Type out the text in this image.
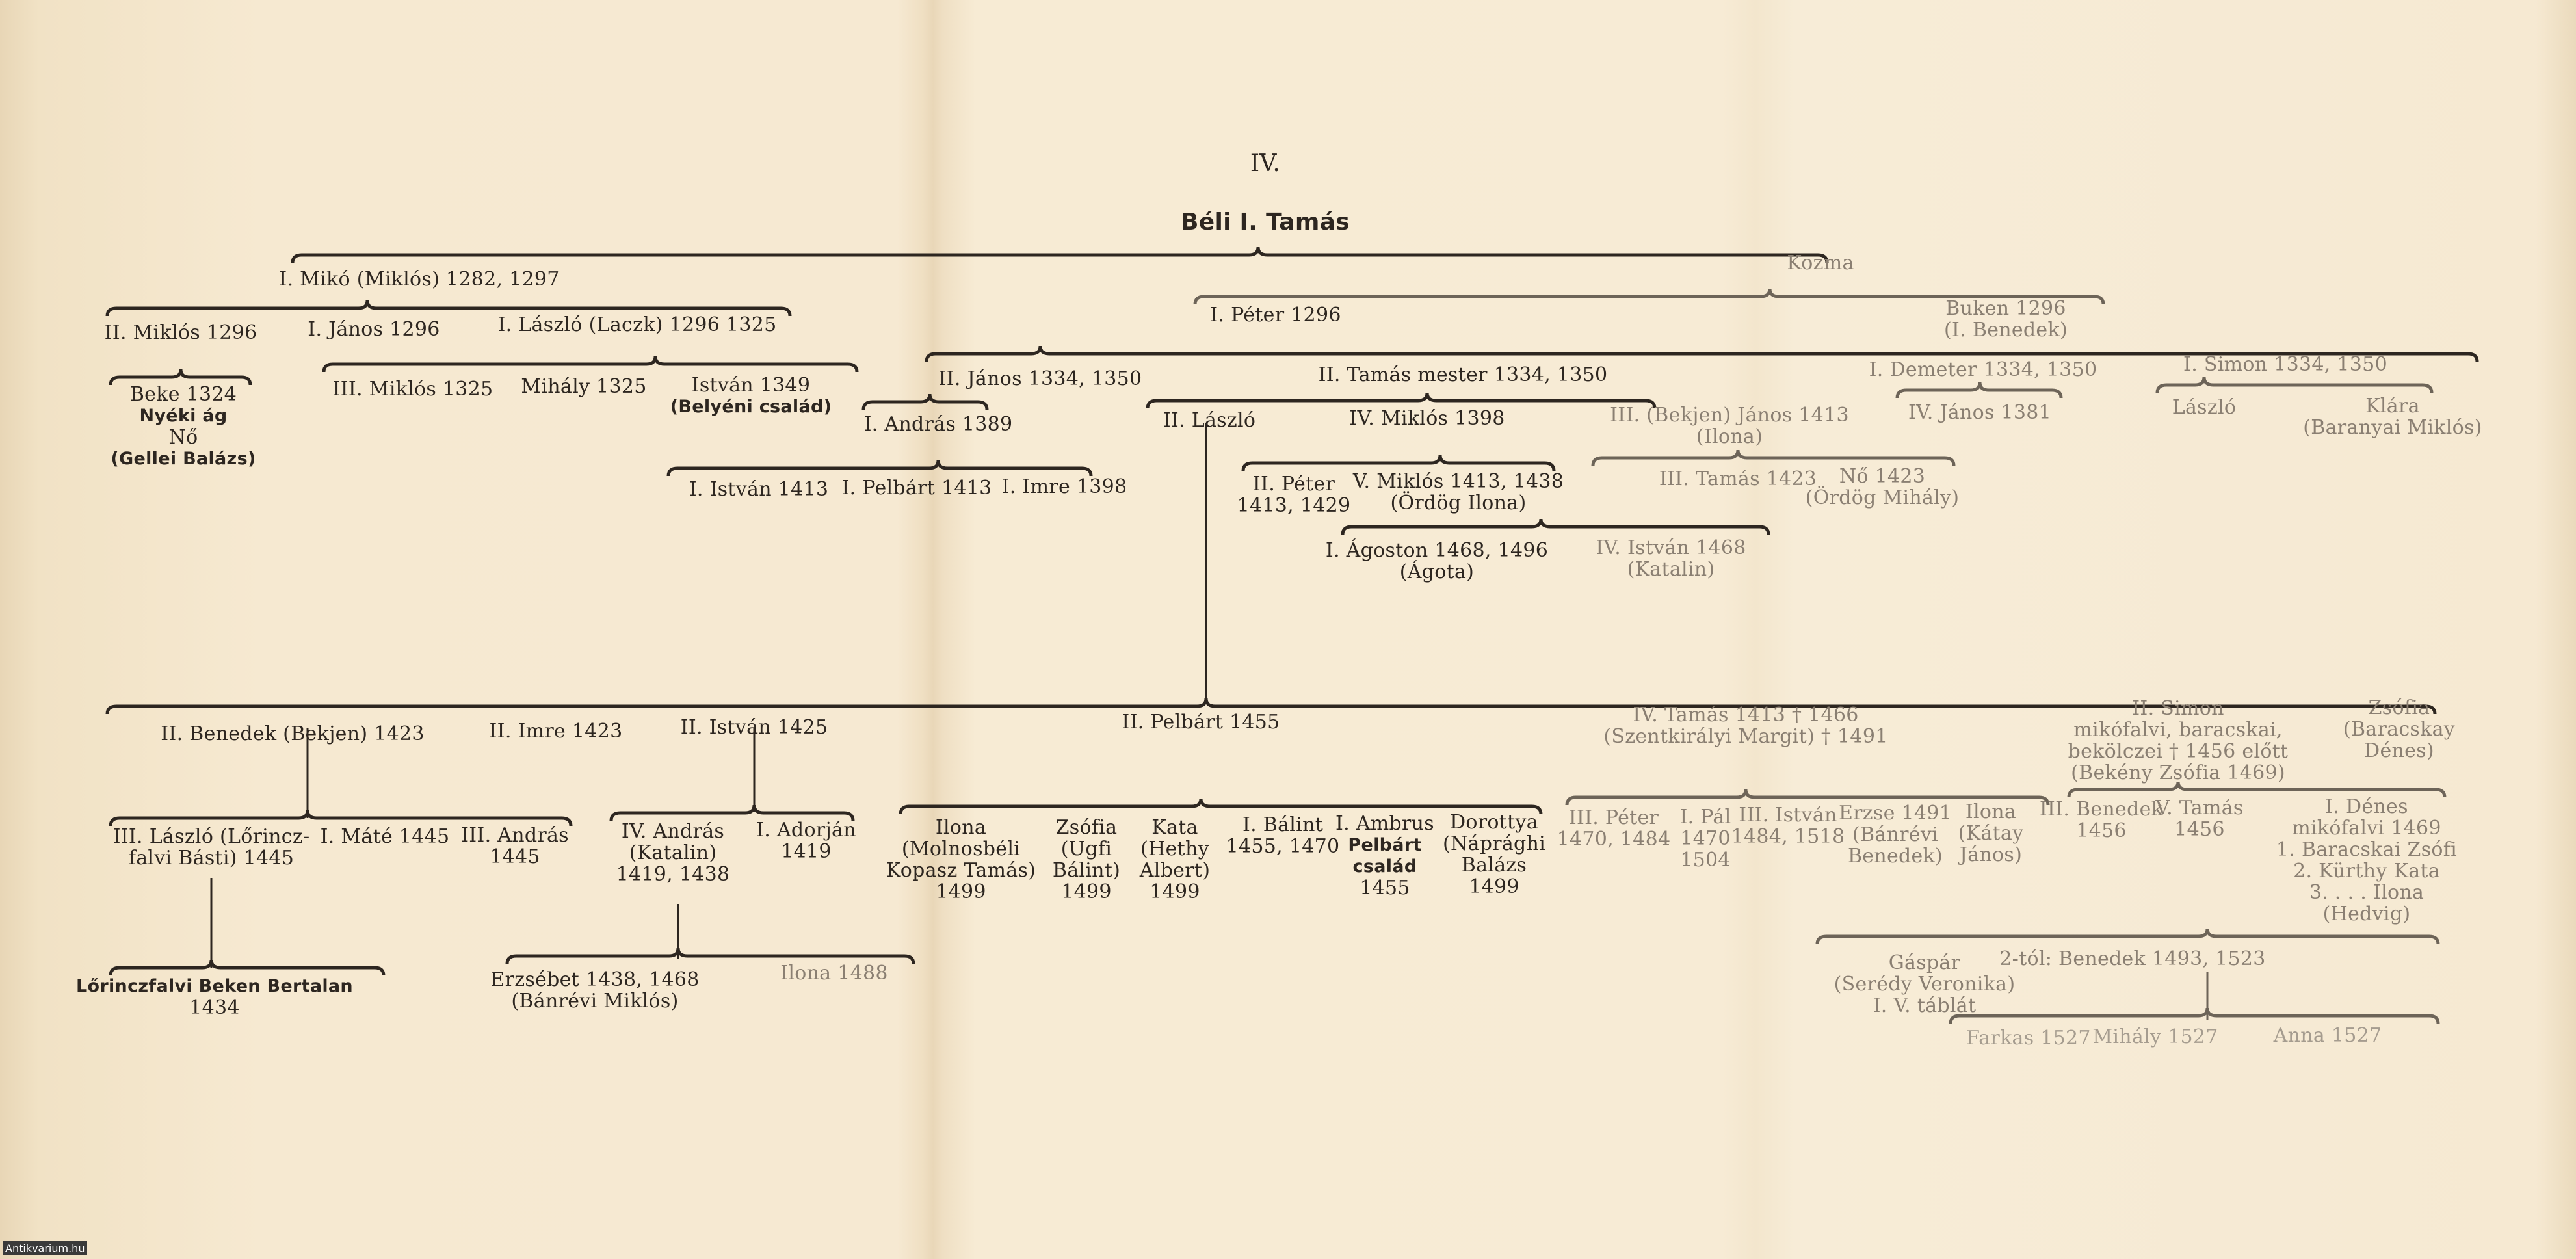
IV.
Béli I. Tamás
I. Mikó (Miklós) 1282, 1297
Kozma
II. Miklós 1296	I. János 1296	I. László (Laczk) 1296 1325	I. Péter 1296	Buken 1296
(I. Benedek)
Beke 1324
Nyéki ág
Nő
(Gellei Balázs)
III. Miklós 1325 Mihály 1325	István 1349
(Belyéni család)
II. János 1334, 1350	II. Tamás mester 1334, 1350	I. Demeter 1334, 1350	I. Simon 1334, 1350
I. András 1389	II. László	IV. Miklós 1398	III. (Bekjen) János 1413
(Ilona)
IV. János 1381	László	Klára
(Baranyai Miklós)
I. István 1413 I. Pelbárt 1413 I. Imre 1398	II. Péter
1413, 1429
V. Miklós 1413, 1438
(Ördög Ilona)
III. Tamás 1423	Nő 1423
(Ördög Mihály)
I. Ágoston 1468, 1496
(Ágota)
IV. István 1468
(Katalin)
II. Benedek (Bekjen) 1423	II. Imre 1423	II. István 1425	II. Pelbárt 1455	IV. Tamás 1413 † 1466
(Szentkirályi Margit) † 1491
II. Simon
mikófalvi, baracskai,
bekölczei † 1456 előtt
(Bekény Zsófia 1469)
Zsófia
(Baracskay
Dénes)
III. László (Lőrincz-
falvi Básti) 1445
I. Máté 1445 III. András
1445
IV. András
(Katalin)
1419, 1438
I. Adorján
1419
Ilona
(Molnosbéli
Kopasz Tamás)
1499
Zsófia
(Ugfi
Bálint)
1499
Kata
(Hethy
Albert)
1499
I. Bálint
1455, 1470
I. Ambrus
Pelbárt
család
1455
Dorottya
(Náprághi
Balázs
1499
III. Péter
1470, 1484
I. Pál
1470
1504
III. István
1484, 1518
Erzse 1491
(Bánrévi
Benedek)
Ilona
(Kátay
János)
III. Benedek
1456
V. Tamás
1456
I. Dénes
mikófalvi 1469
1. Baracskai Zsófi
2. Kürthy Kata
3. . . . Ilona
(Hedvig)
Lőrinczfalvi Beken Bertalan
1434
Erzsébet 1438, 1468
(Bánrévi Miklós)
Ilona 1488	Gáspár
(Serédy Veronika)
I. V. táblát
2-tól: Benedek 1493, 1523
Farkas 1527 Mihály 1527	Anna 1527
Antikvarium.hu
